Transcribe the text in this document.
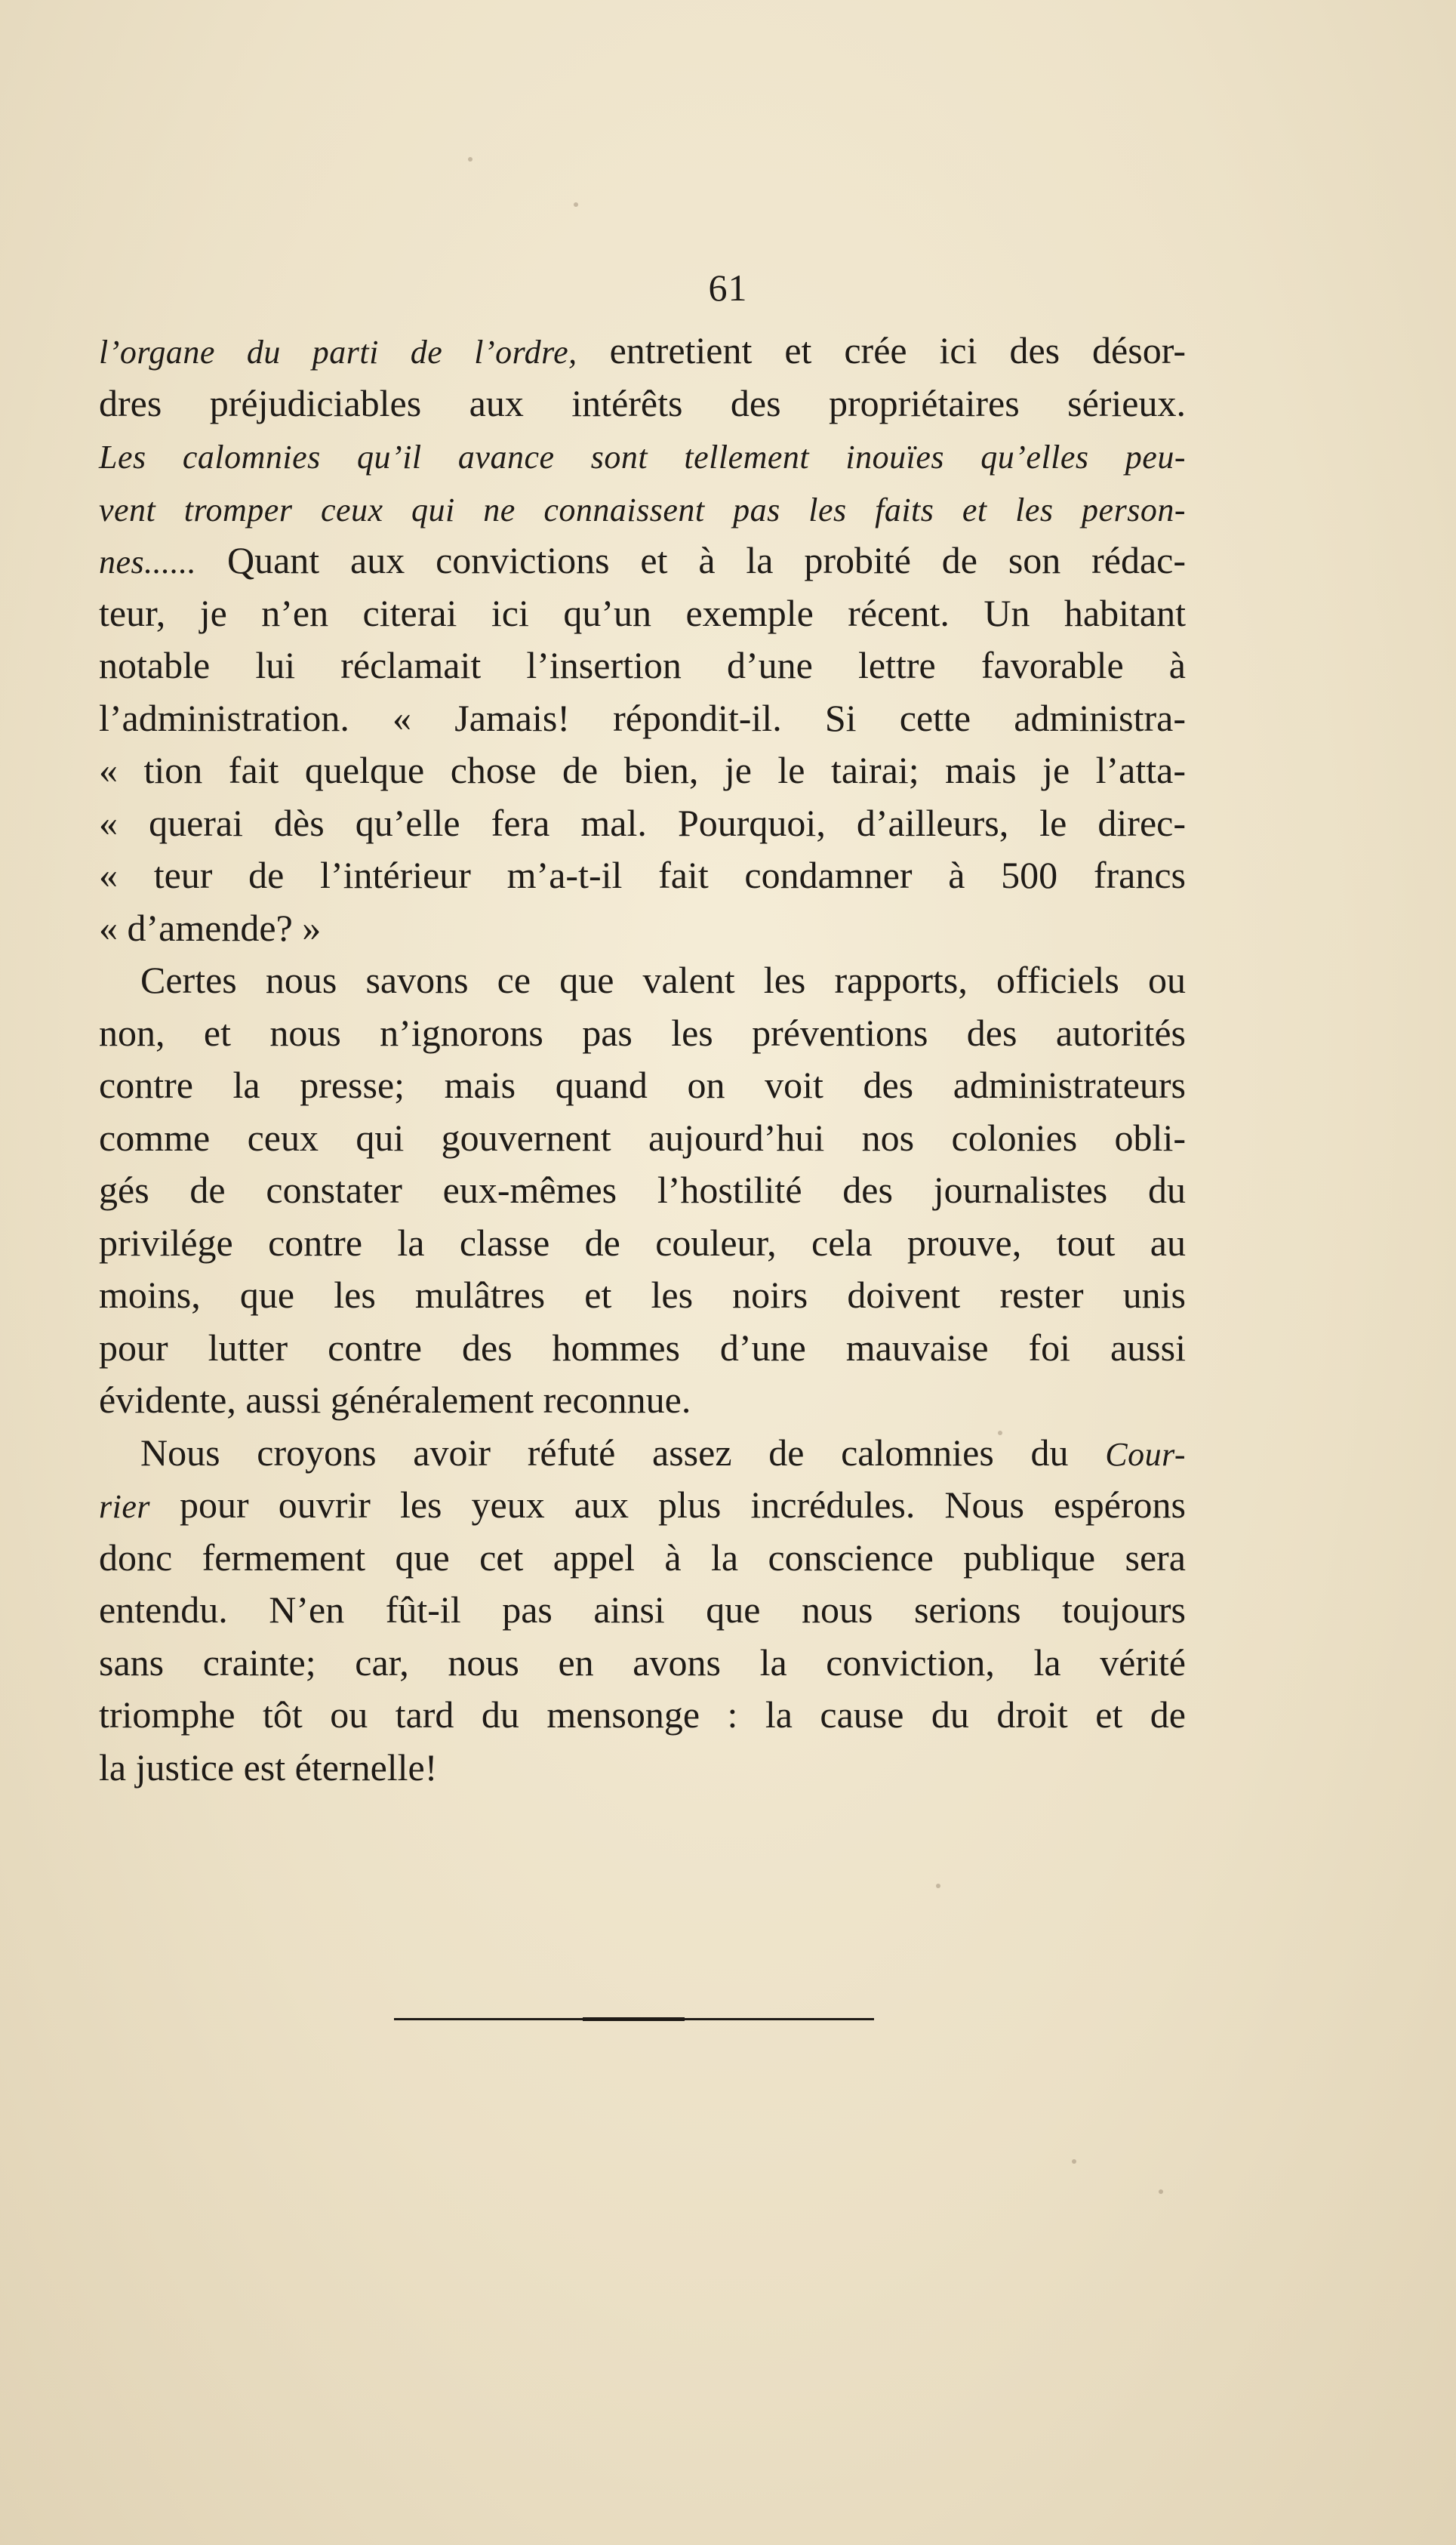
61
l’organe du parti de l’ordre, entretient et crée ici des désor-
dres préjudiciables aux intérêts des propriétaires sérieux.
Les calomnies qu’il avance sont tellement inouïes qu’elles peu-
vent tromper ceux qui ne connaissent pas les faits et les person-
nes...... Quant aux convictions et à la probité de son rédac-
teur, je n’en citerai ici qu’un exemple récent. Un habitant
notable lui réclamait l’insertion d’une lettre favorable à
l’administration. « Jamais! répondit-il. Si cette administra-
« tion fait quelque chose de bien, je le tairai; mais je l’atta-
« querai dès qu’elle fera mal. Pourquoi, d’ailleurs, le direc-
« teur de l’intérieur m’a-t-il fait condamner à 500 francs
« d’amende? »
Certes nous savons ce que valent les rapports, officiels ou
non, et nous n’ignorons pas les préventions des autorités
contre la presse; mais quand on voit des administrateurs
comme ceux qui gouvernent aujourd’hui nos colonies obli-
gés de constater eux-mêmes l’hostilité des journalistes du
privilége contre la classe de couleur, cela prouve, tout au
moins, que les mulâtres et les noirs doivent rester unis
pour lutter contre des hommes d’une mauvaise foi aussi
évidente, aussi généralement reconnue.
Nous croyons avoir réfuté assez de calomnies du Cour-
rier pour ouvrir les yeux aux plus incrédules. Nous espérons
donc fermement que cet appel à la conscience publique sera
entendu. N’en fût-il pas ainsi que nous serions toujours
sans crainte; car, nous en avons la conviction, la vérité
triomphe tôt ou tard du mensonge : la cause du droit et de
la justice est éternelle!
